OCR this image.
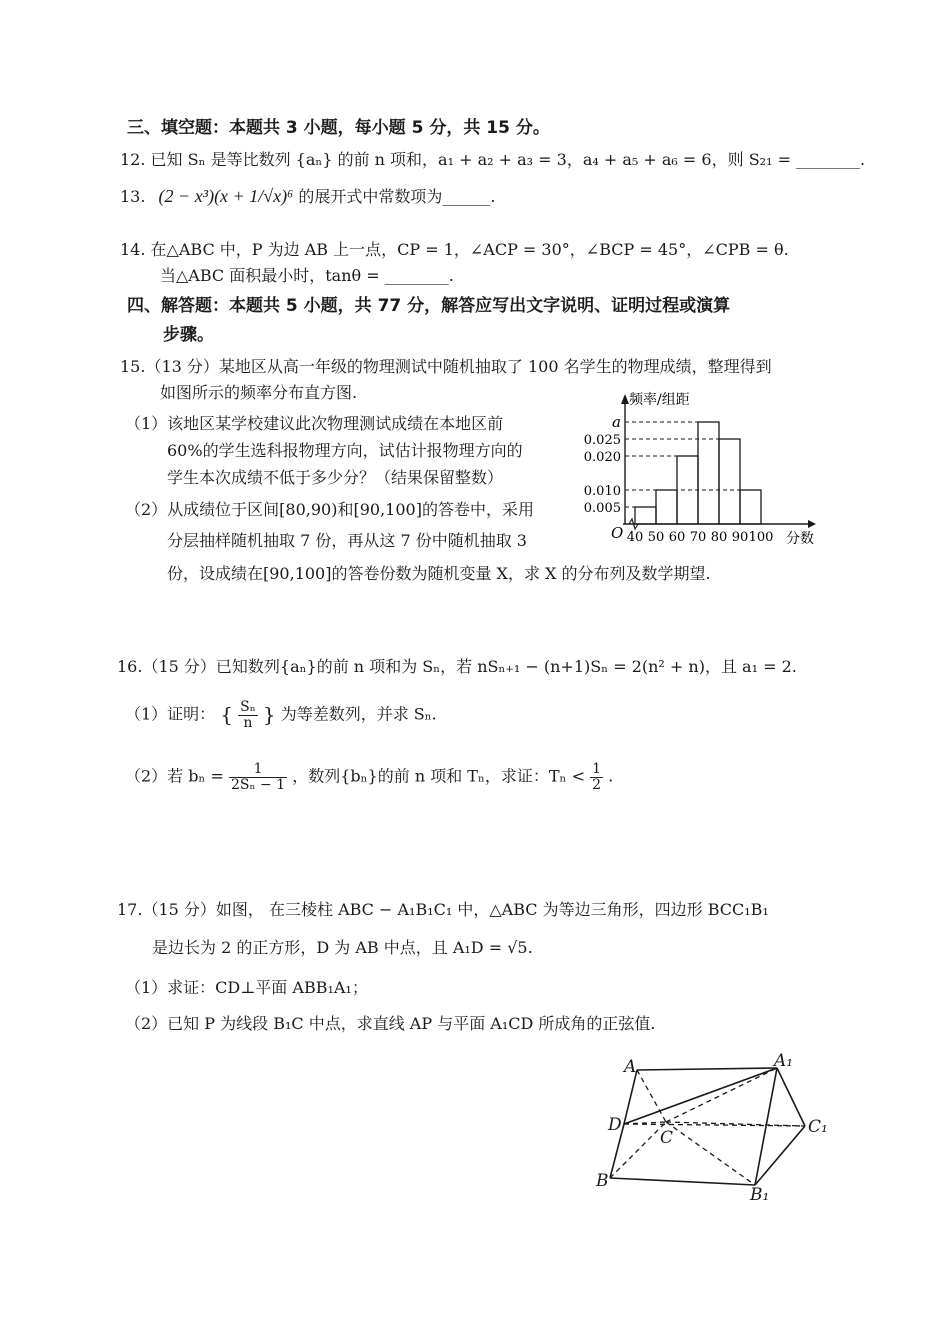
三、填空题：本题共 3 小题，每小题 5 分，共 15 分。
12. 已知 Sₙ 是等比数列 {aₙ} 的前 n 项和，a₁ + a₂ + a₃ = 3，a₄ + a₅ + a₆ = 6，则 S₂₁ = ________.
13. (2 − x³)(x + 1/√x)⁶ 的展开式中常数项为______.
14. 在△ABC 中，P 为边 AB 上一点，CP = 1，∠ACP = 30°，∠BCP = 45°，∠CPB = θ.
当△ABC 面积最小时，tanθ = ________.
四、解答题：本题共 5 小题，共 77 分，解答应写出文字说明、证明过程或演算
步骤。
15.（13 分）某地区从高一年级的物理测试中随机抽取了 100 名学生的物理成绩，整理得到
如图所示的频率分布直方图.
（1）该地区某学校建议此次物理测试成绩在本地区前
60%的学生选科报物理方向，试估计报物理方向的
学生本次成绩不低于多少分？（结果保留整数）
（2）从成绩位于区间[80,90)和[90,100]的答卷中，采用
分层抽样随机抽取 7 份，再从这 7 份中随机抽取 3
份，设成绩在[90,100]的答卷份数为随机变量 X，求 X 的分布列及数学期望.
0.005
0.010
0.020
0.025
a
40 50 60 70 80 90 100
O
频率/组距
分数
16.（15 分）已知数列{aₙ}的前 n 项和为 Sₙ，若 nSₙ₊₁ − (n+1)Sₙ = 2(n² + n)，且 a₁ = 2.
（1）证明： { $\frac{\text{Sₙ}}{n}$ } 为等差数列，并求 Sₙ.
（2）若 $b_n = \frac{1}{\text{2Sₙ − 1}}$ ，数列{bₙ}的前 n 项和 Tₙ，求证：$T_n < \frac{1}{2}$ .
17.（15 分）如图， 在三棱柱 ABC − A₁B₁C₁ 中，△ABC 为等边三角形，四边形 BCC₁B₁
是边长为 2 的正方形，D 为 AB 中点，且 A₁D = √5.
（1）求证：CD⊥平面 ABB₁A₁；
（2）已知 P 为线段 B₁C 中点，求直线 AP 与平面 A₁CD 所成角的正弦值.
A	A₁
D
C
C₁
B
B₁
